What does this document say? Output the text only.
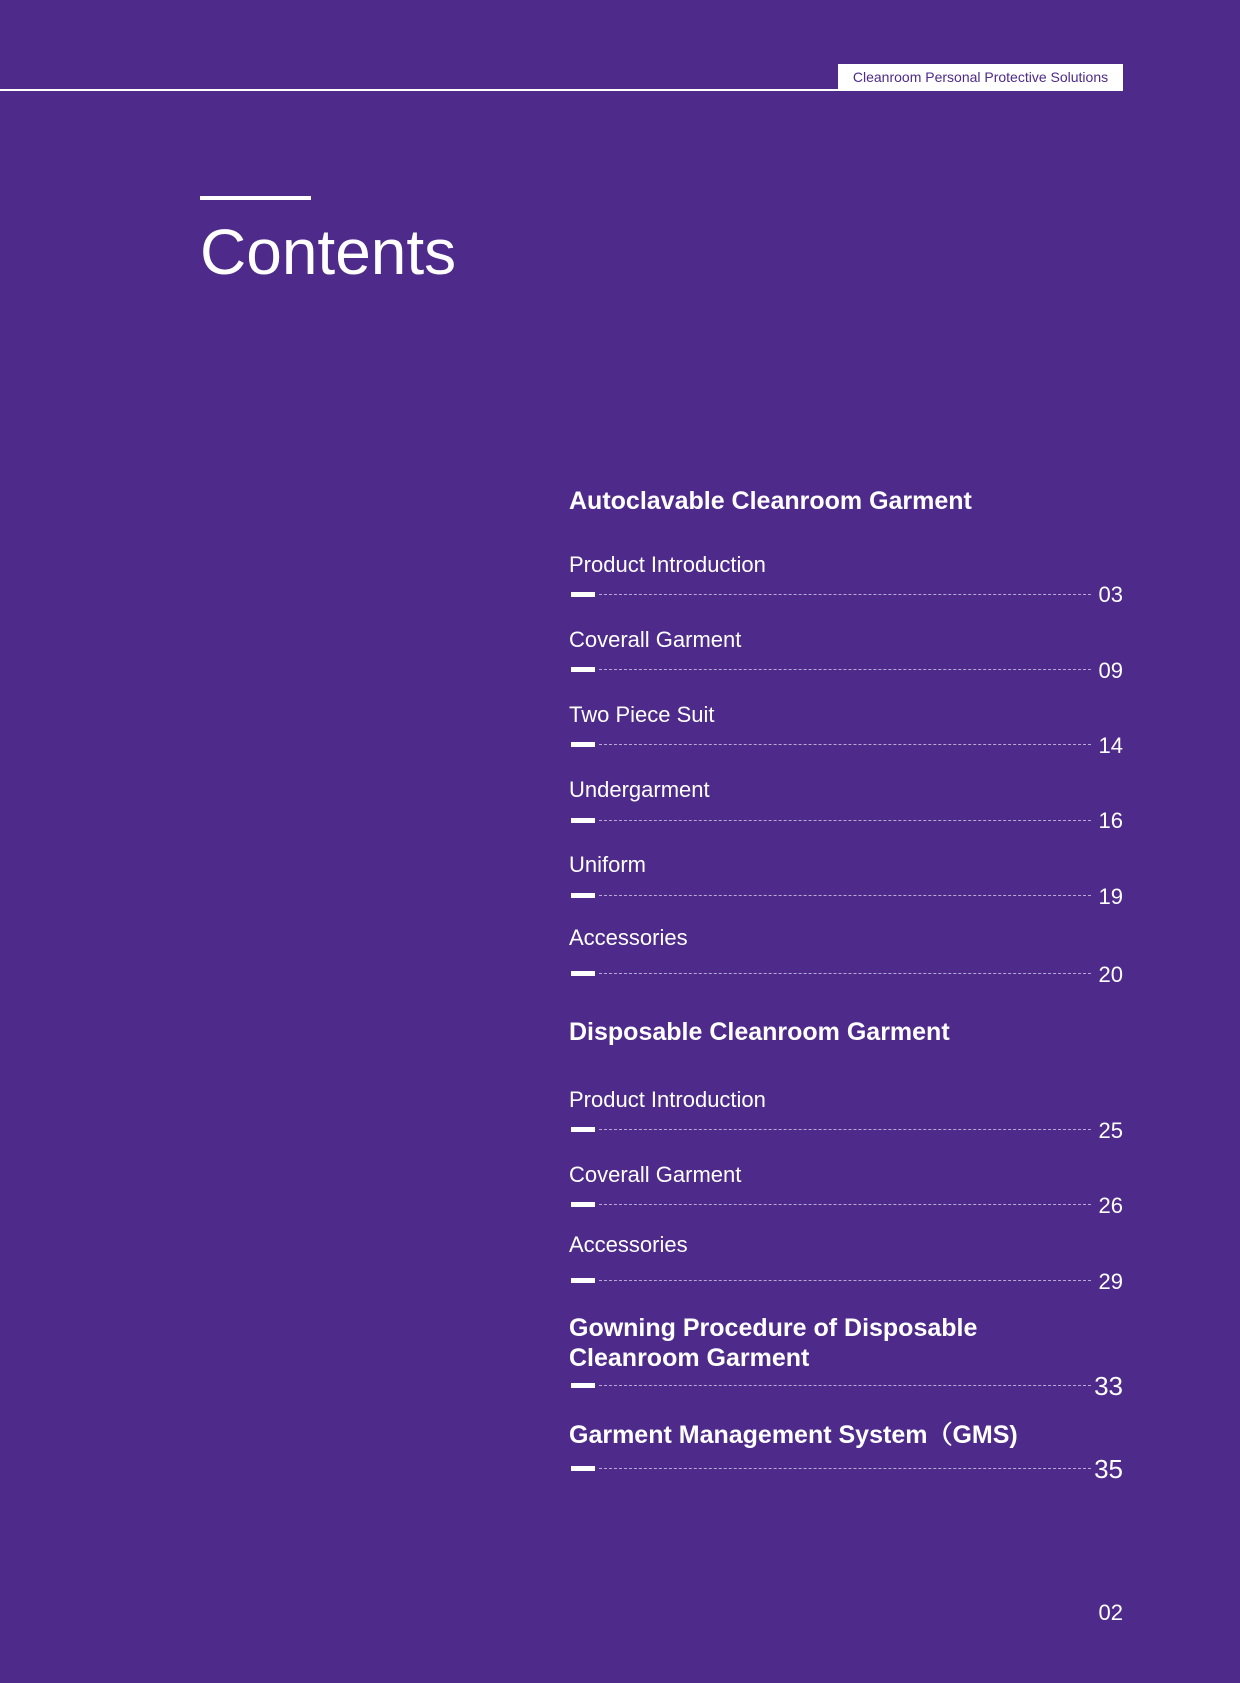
Cleanroom Personal Protective Solutions
Contents
Autoclavable Cleanroom Garment
Product Introduction
03
Coverall Garment
09
Two Piece Suit
14
Undergarment
16
Uniform
19
Accessories
20
Disposable Cleanroom Garment
Product Introduction
25
Coverall Garment
26
Accessories
29
Gowning Procedure of Disposable
Cleanroom Garment
33
Garment Management System（GMS)
35
02
